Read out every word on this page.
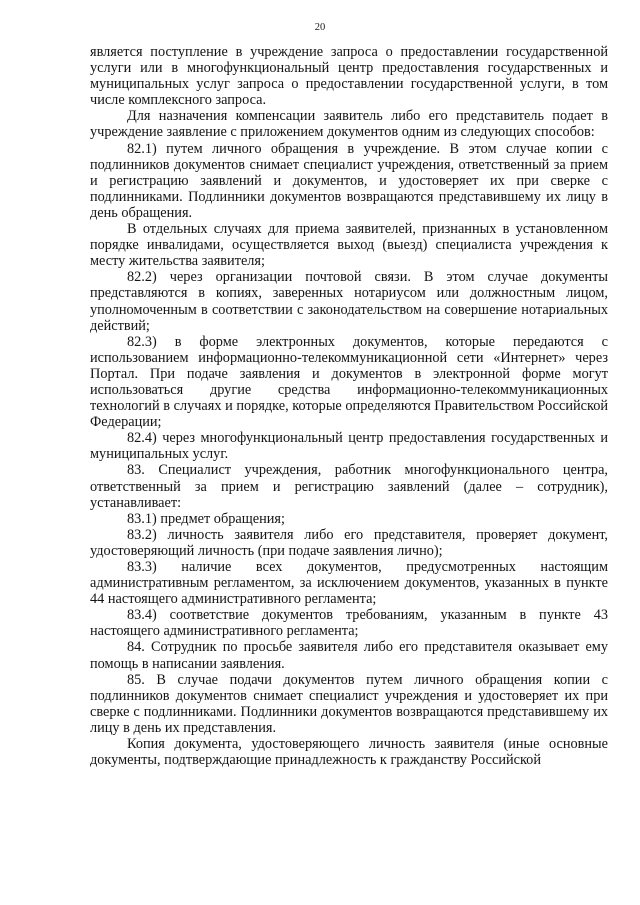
20

является поступление в учреждение запроса о предоставлении государственной услуги или в многофункциональный центр предоставления государственных и муниципальных услуг запроса о предоставлении государственной услуги, в том числе комплексного запроса.

Для назначения компенсации заявитель либо его представитель подает в учреждение заявление с приложением документов одним из следующих способов:

82.1) путем личного обращения в учреждение. В этом случае копии с подлинников документов снимает специалист учреждения, ответственный за прием и регистрацию заявлений и документов, и удостоверяет их при сверке с подлинниками. Подлинники документов возвращаются представившему их лицу в день обращения.

В отдельных случаях для приема заявителей, признанных в установленном порядке инвалидами, осуществляется выход (выезд) специалиста учреждения к месту жительства заявителя;

82.2) через организации почтовой связи. В этом случае документы представляются в копиях, заверенных нотариусом или должностным лицом, уполномоченным в соответствии с законодательством на совершение нотариальных действий;

82.3) в форме электронных документов, которые передаются с использованием информационно-телекоммуникационной сети «Интернет» через Портал. При подаче заявления и документов в электронной форме могут использоваться другие средства информационно-телекоммуникационных технологий в случаях и порядке, которые определяются Правительством Российской Федерации;

82.4) через многофункциональный центр предоставления государственных и муниципальных услуг.

83. Специалист учреждения, работник многофункционального центра, ответственный за прием и регистрацию заявлений (далее – сотрудник), устанавливает:

83.1) предмет обращения;

83.2) личность заявителя либо его представителя, проверяет документ, удостоверяющий личность (при подаче заявления лично);

83.3) наличие всех документов, предусмотренных настоящим административным регламентом, за исключением документов, указанных в пункте 44 настоящего административного регламента;

83.4) соответствие документов требованиям, указанным в пункте 43 настоящего административного регламента;

84. Сотрудник по просьбе заявителя либо его представителя оказывает ему помощь в написании заявления.

85. В случае подачи документов путем личного обращения копии с подлинников документов снимает специалист учреждения и удостоверяет их при сверке с подлинниками. Подлинники документов возвращаются представившему их лицу в день их представления.

Копия документа, удостоверяющего личность заявителя (иные основные документы, подтверждающие принадлежность к гражданству Российской
